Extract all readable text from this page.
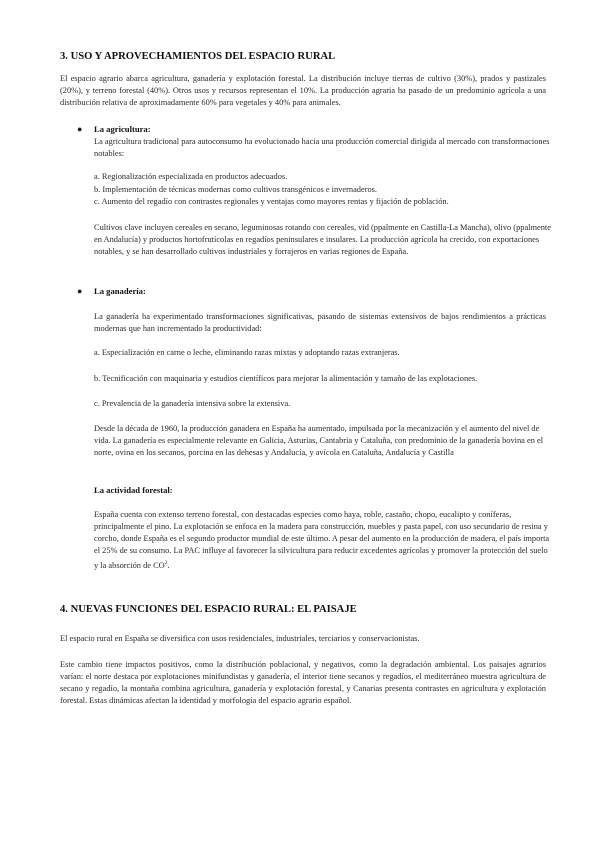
3. USO Y APROVECHAMIENTOS DEL ESPACIO RURAL

El espacio agrario abarca agricultura, ganadería y explotación forestal. La distribución incluye tierras de cultivo (30%), prados y pastizales (20%), y terreno forestal (40%). Otros usos y recursos representan el 10%. La producción agraria ha pasado de un predominio agrícola a una distribución relativa de aproximadamente 60% para vegetales y 40% para animales.

● La agricultura:

La agricultura tradicional para autoconsumo ha evolucionado hacia una producción comercial dirigida al mercado con transformaciones notables:

a. Regionalización especializada en productos adecuados.
b. Implementación de técnicas modernas como cultivos transgénicos e invernaderos.
c. Aumento del regadío con contrastes regionales y ventajas como mayores rentas y fijación de población.

Cultivos clave incluyen cereales en secano, leguminosas rotando con cereales, vid (ppalmente en Castilla-La Mancha), olivo (ppalmente en Andalucía) y productos hortofrutícolas en regadíos peninsulares e insulares. La producción agrícola ha crecido, con exportaciones notables, y se han desarrollado cultivos industriales y forrajeros en varias regiones de España.

● La ganadería:

La ganadería ha experimentado transformaciones significativas, pasando de sistemas extensivos de bajos rendimientos a prácticas modernas que han incrementado la productividad:

a. Especialización en carne o leche, eliminando razas mixtas y adoptando razas extranjeras.
b. Tecnificación con maquinaria y estudios científicos para mejorar la alimentación y tamaño de las explotaciones.
c. Prevalencia de la ganadería intensiva sobre la extensiva.

Desde la década de 1960, la producción ganadera en España ha aumentado, impulsada por la mecanización y el aumento del nivel de vida. La ganadería es especialmente relevante en Galicia, Asturias, Cantabria y Cataluña, con predominio de la ganadería bovina en el norte, ovina en los secanos, porcina en las dehesas y Andalucía, y avícola en Cataluña, Andalucía y Castilla

La actividad forestal:

España cuenta con extenso terreno forestal, con destacadas especies como haya, roble, castaño, chopo, eucalipto y coníferas, principalmente el pino. La explotación se enfoca en la madera para construcción, muebles y pasta papel, con uso secundario de resina y corcho, donde España es el segundo productor mundial de este último. A pesar del aumento en la producción de madera, el país importa el 25% de su consumo. La PAC influye al favorecer la silvicultura para reducir excedentes agrícolas y promover la protección del suelo y la absorción de $CO^2$.

4. NUEVAS FUNCIONES DEL ESPACIO RURAL: EL PAISAJE

El espacio rural en España se diversifica con usos residenciales, industriales, terciarios y conservacionistas.

Este cambio tiene impactos positivos, como la distribución poblacional, y negativos, como la degradación ambiental. Los paisajes agrarios varían: el norte destaca por explotaciones minifundistas y ganadería, el interior tiene secanos y regadíos, el mediterráneo muestra agricultura de secano y regadío, la montaña combina agricultura, ganadería y explotación forestal, y Canarias presenta contrastes en agricultura y explotación forestal. Estas dinámicas afectan la identidad y morfología del espacio agrario español.
